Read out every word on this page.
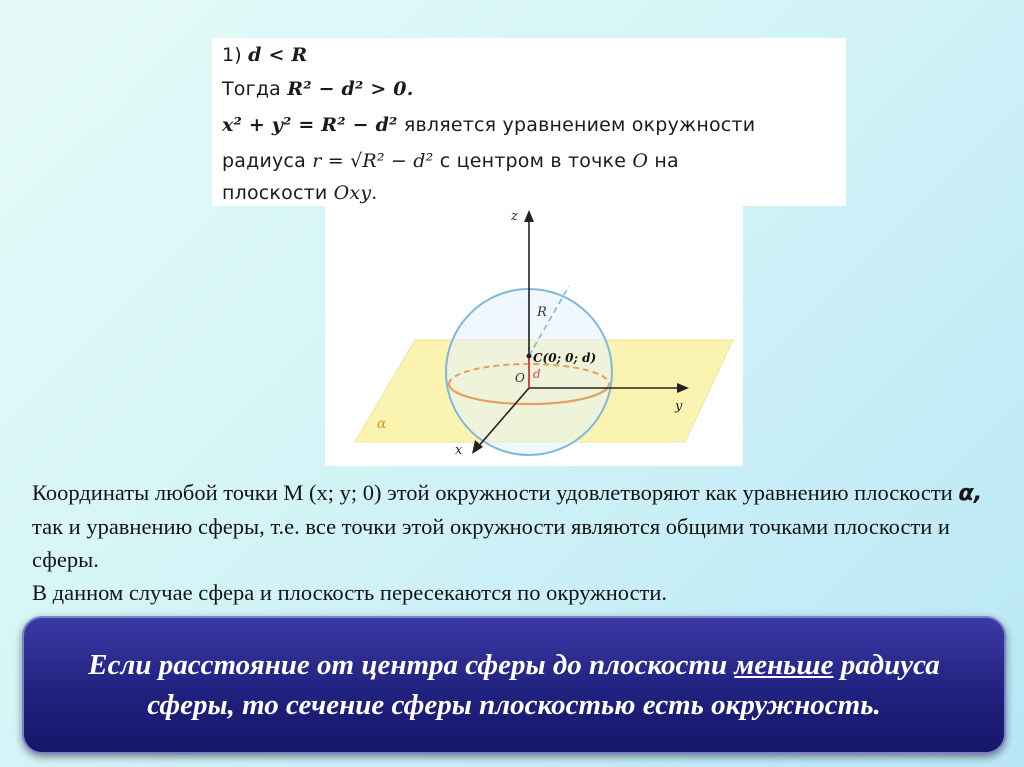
1) d < R
Тогда R² − d² > 0.
x² + y² = R² − d² является уравнением окружности
радиуса r = √R² − d² с центром в точке O на
плоскости Oxy.
z
y
x
R
C(0; 0; d)
O d
α

Координаты любой точки М (x; y; 0) этой окружности удовлетворяют как уравнению плоскости α, так и уравнению сферы, т.е. все точки этой окружности являются общими точками плоскости и сферы.

В данном случае сфера и плоскость пересекаются по окружности.

Если расстояние от центра сферы до плоскости меньше радиуса сферы, то сечение сферы плоскостью есть окружность.
